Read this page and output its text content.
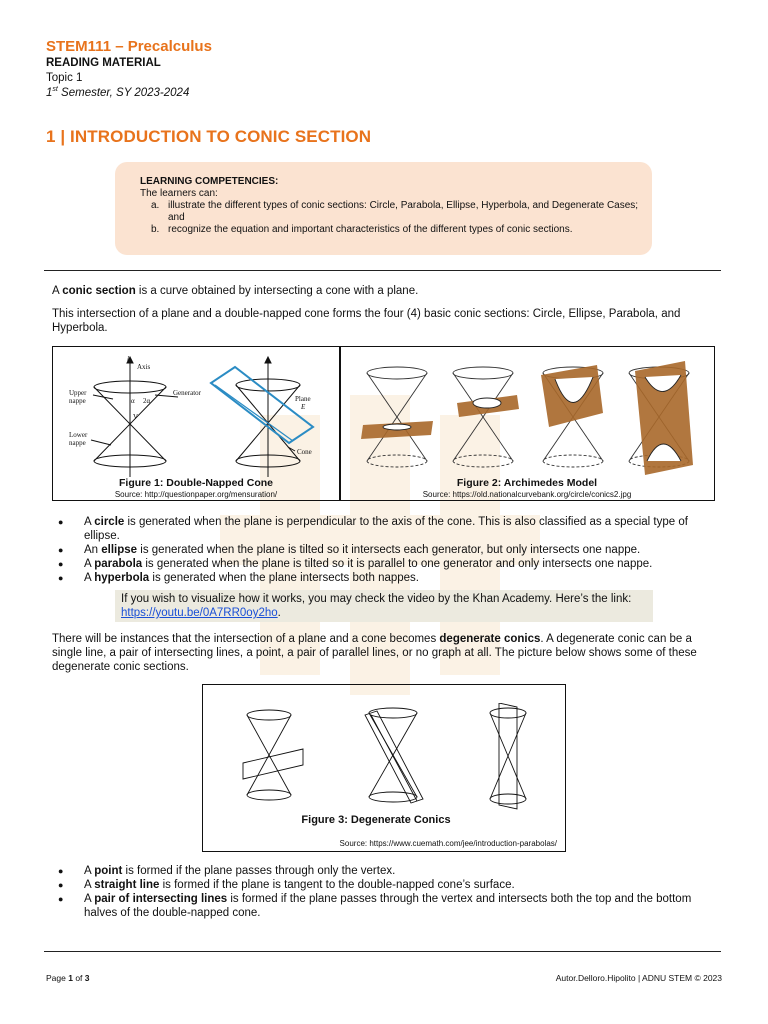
STEM111 – Precalculus
READING MATERIAL
Topic 1
1st Semester, SY 2023-2024
1 | INTRODUCTION TO CONIC SECTION
LEARNING COMPETENCIES:
The learners can:
a. illustrate the different types of conic sections: Circle, Parabola, Ellipse, Hyperbola, and Degenerate Cases; and
b. recognize the equation and important characteristics of the different types of conic sections.
A conic section is a curve obtained by intersecting a cone with a plane.
This intersection of a plane and a double-napped cone forms the four (4) basic conic sections: Circle, Ellipse, Parabola, and Hyperbola.
Axis
l
Upper
nappe
Generator
α 2α
V
Lower
nappe
Plane
E
Cone
Figure 1: Double-Napped Cone
Source: http://questionpaper.org/mensuration/
Figure 2: Archimedes Model
Source: https://old.nationalcurvebank.org/circle/conics2.jpg
●	A circle is generated when the plane is perpendicular to the axis of the cone. This is also classified as a special type of ellipse.
●	An ellipse is generated when the plane is tilted so it intersects each generator, but only intersects one nappe.
●	A parabola is generated when the plane is tilted so it is parallel to one generator and only intersects one nappe.
●	A hyperbola is generated when the plane intersects both nappes.
If you wish to visualize how it works, you may check the video by the Khan Academy. Here’s the link: https://youtu.be/0A7RR0oy2ho.
There will be instances that the intersection of a plane and a cone becomes degenerate conics. A degenerate conic can be a single line, a pair of intersecting lines, a point, a pair of parallel lines, or no graph at all. The picture below shows some of these degenerate conic sections.
Figure 3: Degenerate Conics
Source: https://www.cuemath.com/jee/introduction-parabolas/
●	A point is formed if the plane passes through only the vertex.
●	A straight line is formed if the plane is tangent to the double-napped cone’s surface.
●	A pair of intersecting lines is formed if the plane passes through the vertex and intersects both the top and the bottom halves of the double-napped cone.
Page 1 of 3	Autor.Delloro.Hipolito | ADNU STEM © 2023
